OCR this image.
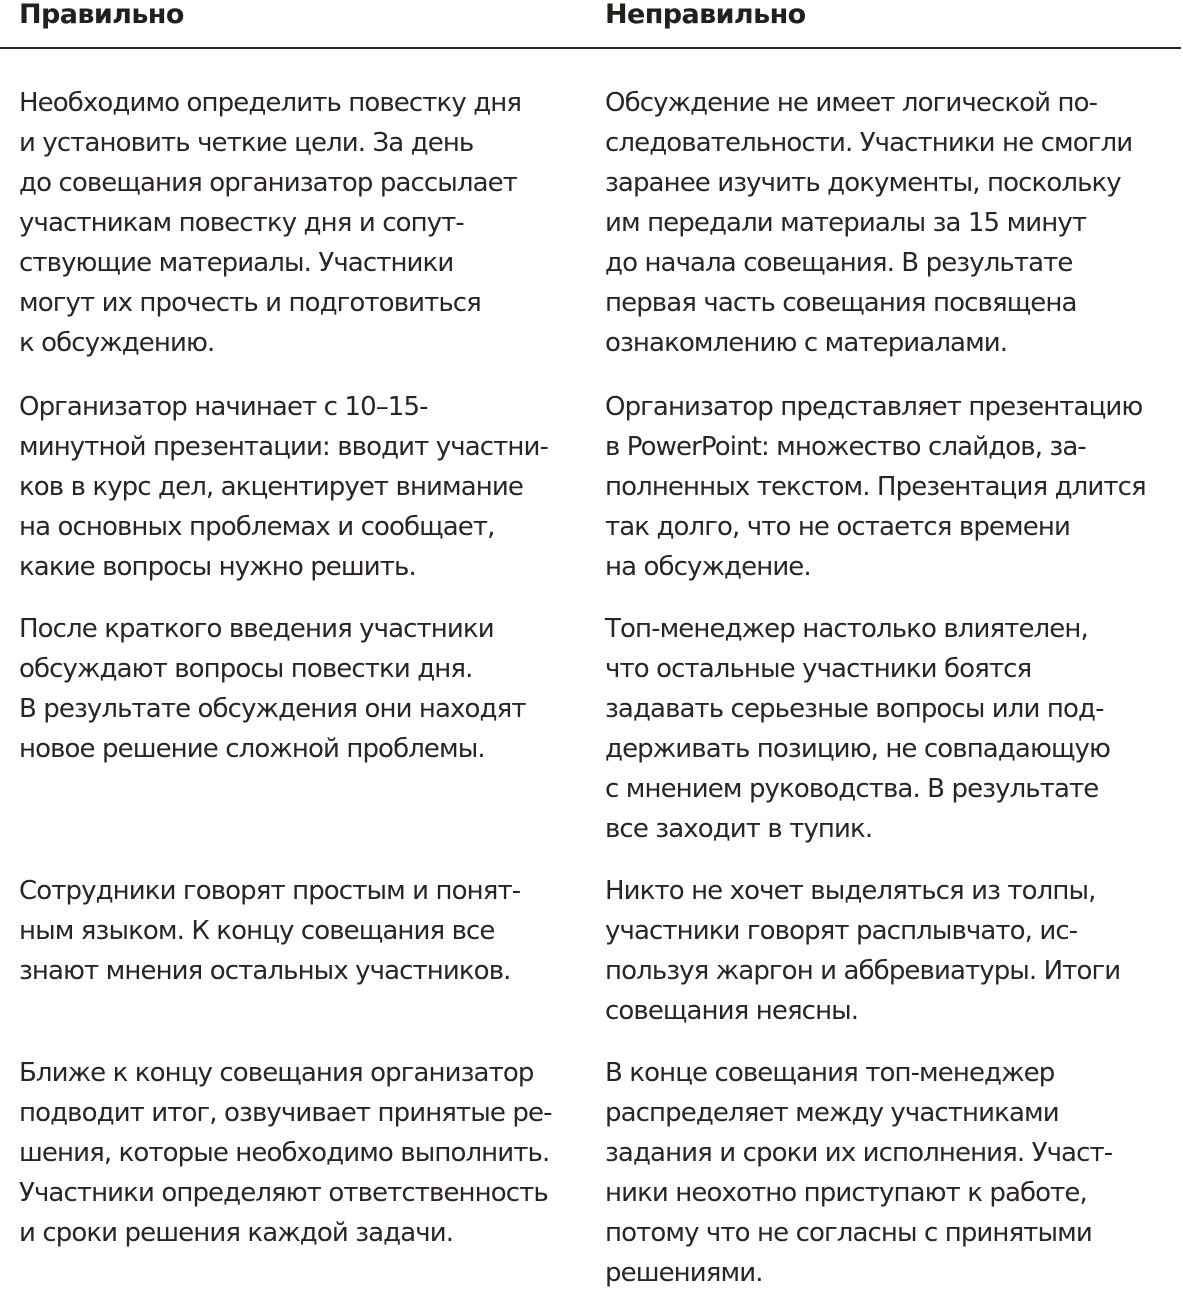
Правильно	Неправильно
Необходимо определить повестку дня
и установить четкие цели. За день
до совещания организатор рассылает
участникам повестку дня и сопут-
ствующие материалы. Участники
могут их прочесть и подготовиться
к обсуждению.
Обсуждение не имеет логической по-
следовательности. Участники не смогли
заранее изучить документы, поскольку
им передали материалы за 15 минут
до начала совещания. В результате
первая часть совещания посвящена
ознакомлению с материалами.
Организатор начинает с 10–15-
минутной презентации: вводит участни-
ков в курс дел, акцентирует внимание
на основных проблемах и сообщает,
какие вопросы нужно решить.
Организатор представляет презентацию
в PowerPoint: множество слайдов, за-
полненных текстом. Презентация длится
так долго, что не остается времени
на обсуждение.
После краткого введения участники
обсуждают вопросы повестки дня.
В результате обсуждения они находят
новое решение сложной проблемы.
Топ-менеджер настолько влиятелен,
что остальные участники боятся
задавать серьезные вопросы или под-
держивать позицию, не совпадающую
с мнением руководства. В результате
все заходит в тупик.
Сотрудники говорят простым и понят-
ным языком. К концу совещания все
знают мнения остальных участников.
Никто не хочет выделяться из толпы,
участники говорят расплывчато, ис-
пользуя жаргон и аббревиатуры. Итоги
совещания неясны.
Ближе к концу совещания организатор
подводит итог, озвучивает принятые ре-
шения, которые необходимо выполнить.
Участники определяют ответственность
и сроки решения каждой задачи.
В конце совещания топ-менеджер
распределяет между участниками
задания и сроки их исполнения. Участ-
ники неохотно приступают к работе,
потому что не согласны с принятыми
решениями.
